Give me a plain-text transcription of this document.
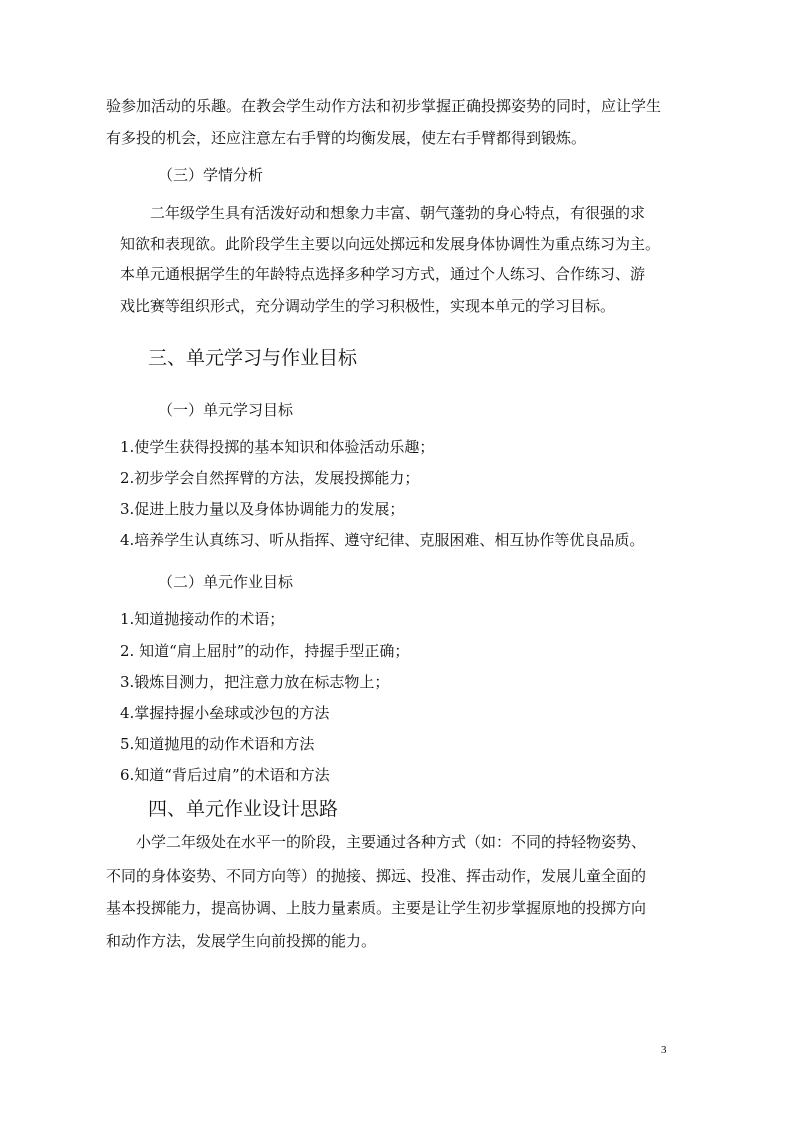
验参加活动的乐趣。在教会学生动作方法和初步掌握正确投掷姿势的同时，应让学生

有多投的机会，还应注意左右手臂的均衡发展，使左右手臂都得到锻炼。

（三）学情分析

二年级学生具有活泼好动和想象力丰富、朝气蓬勃的身心特点，有很强的求

知欲和表现欲。此阶段学生主要以向远处掷远和发展身体协调性为重点练习为主。

本单元通根据学生的年龄特点选择多种学习方式，通过个人练习、合作练习、游

戏比赛等组织形式，充分调动学生的学习积极性，实现本单元的学习目标。

三、单元学习与作业目标

（一）单元学习目标

1.使学生获得投掷的基本知识和体验活动乐趣；

2.初步学会自然挥臂的方法，发展投掷能力；

3.促进上肢力量以及身体协调能力的发展；

4.培养学生认真练习、听从指挥、遵守纪律、克服困难、相互协作等优良品质。

（二）单元作业目标

1.知道抛接动作的术语；

2. 知道“肩上屈肘”的动作，持握手型正确；

3.锻炼目测力，把注意力放在标志物上；

4.掌握持握小垒球或沙包的方法

5.知道抛甩的动作术语和方法

6.知道“背后过肩”的术语和方法

四、单元作业设计思路

小学二年级处在水平一的阶段，主要通过各种方式（如：不同的持轻物姿势、

不同的身体姿势、不同方向等）的抛接、掷远、投准、挥击动作，发展儿童全面的

基本投掷能力，提高协调、上肢力量素质。主要是让学生初步掌握原地的投掷方向

和动作方法，发展学生向前投掷的能力。

3
